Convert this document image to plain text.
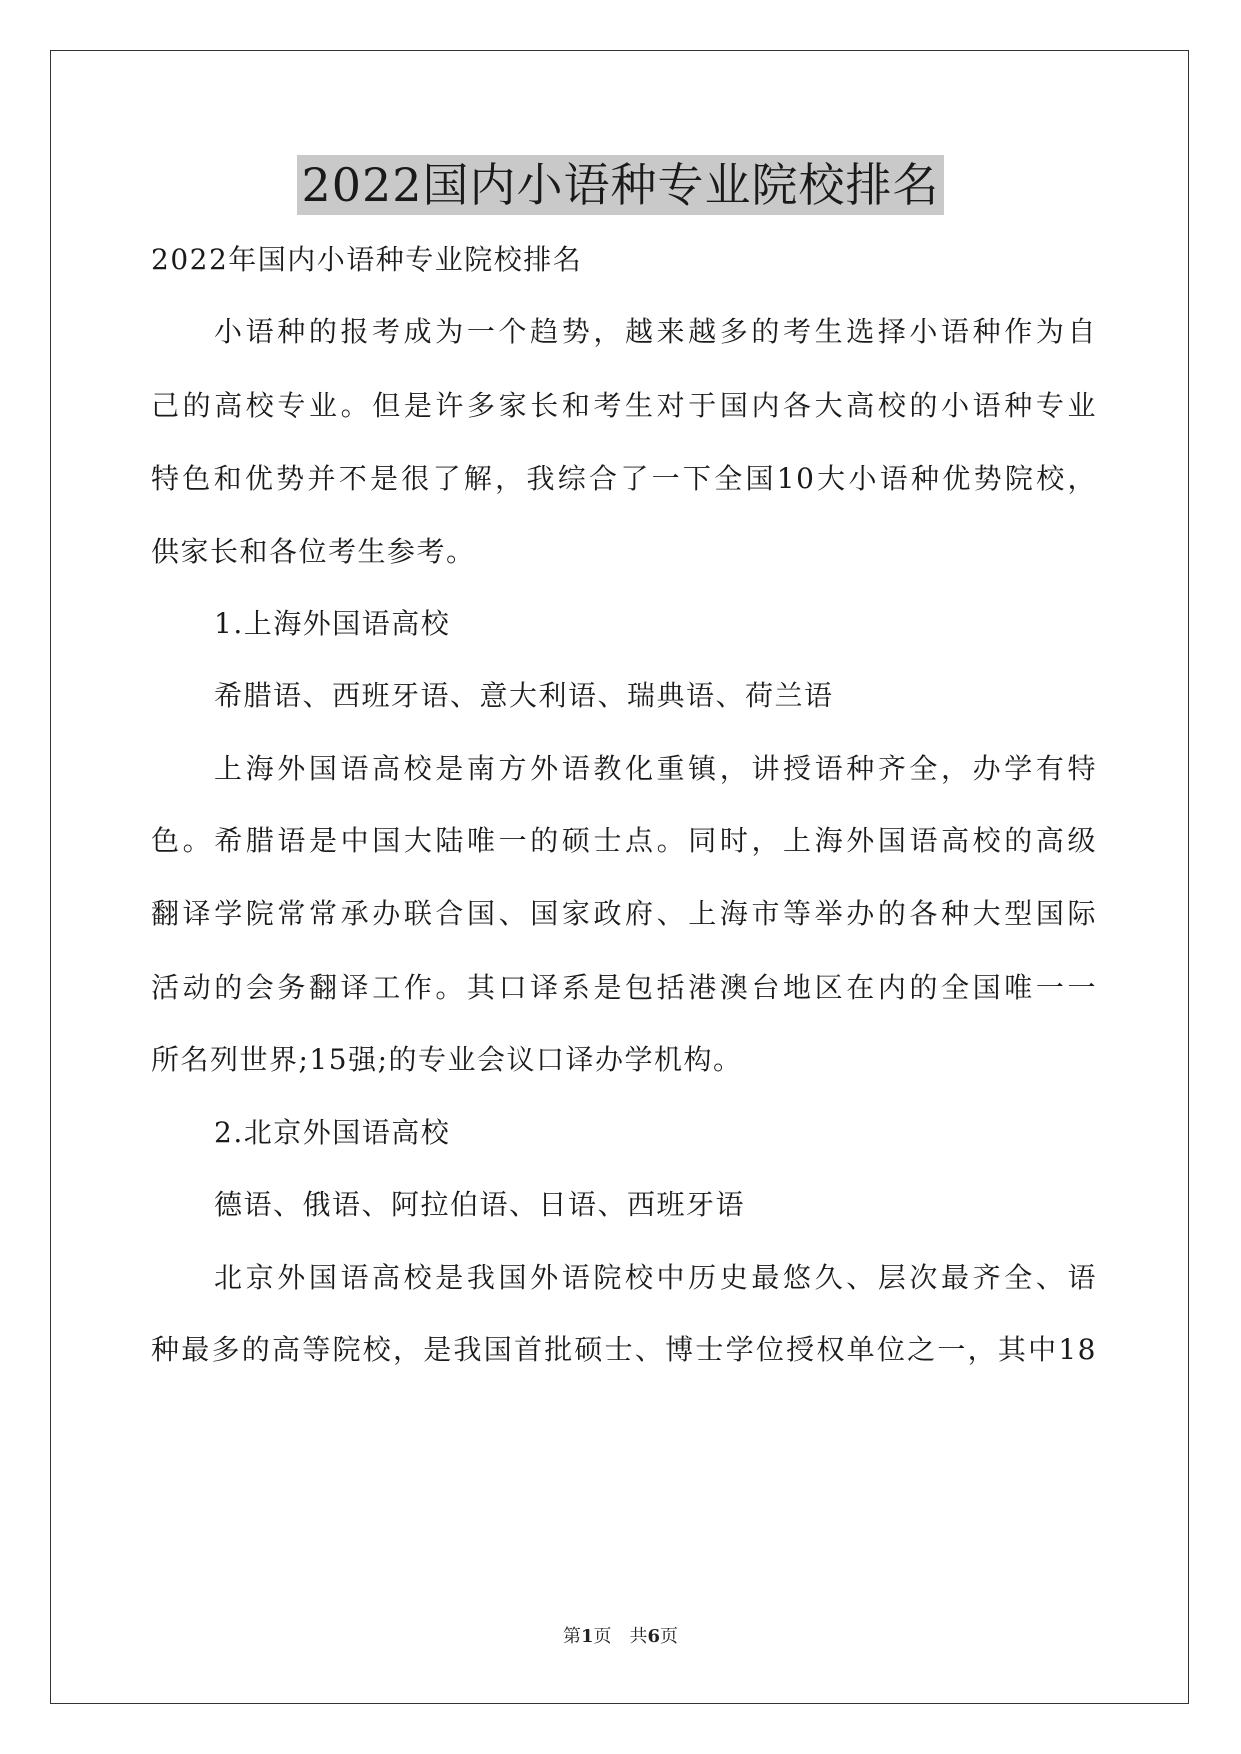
2022国内小语种专业院校排名
2022年国内小语种专业院校排名
小语种的报考成为一个趋势，越来越多的考生选择小语种作为自
己的高校专业。但是许多家长和考生对于国内各大高校的小语种专业
特色和优势并不是很了解，我综合了一下全国10大小语种优势院校，
供家长和各位考生参考。
1.上海外国语高校
希腊语、西班牙语、意大利语、瑞典语、荷兰语
上海外国语高校是南方外语教化重镇，讲授语种齐全，办学有特
色。希腊语是中国大陆唯一的硕士点。同时，上海外国语高校的高级
翻译学院常常承办联合国、国家政府、上海市等举办的各种大型国际
活动的会务翻译工作。其口译系是包括港澳台地区在内的全国唯一一
所名列世界;15强;的专业会议口译办学机构。
2.北京外国语高校
德语、俄语、阿拉伯语、日语、西班牙语
北京外国语高校是我国外语院校中历史最悠久、层次最齐全、语
种最多的高等院校，是我国首批硕士、博士学位授权单位之一，其中18
第1页　共6页
